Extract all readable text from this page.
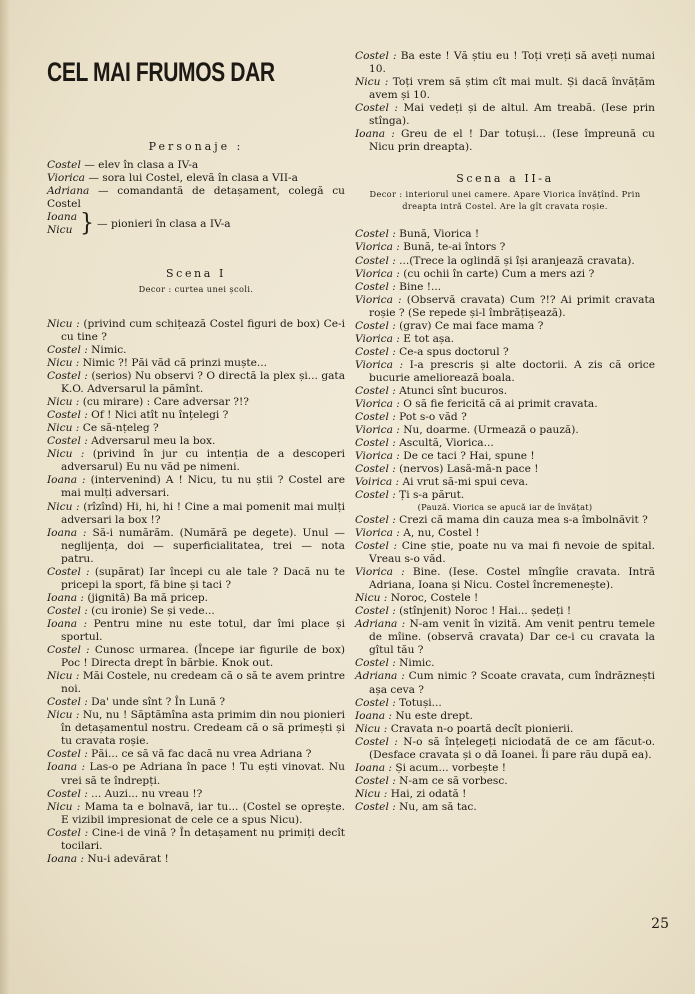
CEL MAI FRUMOS DAR
Personaje :

Costel — elev în clasa a IV-a

Viorica — sora lui Costel, elevă în clasa a VII-a

Adriana — comandantă de detașament, colegă cu Costel

Ioana
Nicu } — pionieri în clasa a IV-a
Scena I
Decor : curtea unei școli.

Nicu : (privind cum schițează Costel figuri de box) Ce-i cu tine ?

Costel : Nimic.

Nicu : Nimic ?! Păi văd că prinzi muște...

Costel : (serios) Nu observi ? O directă la plex și... gata K.O. Adversarul la pămînt.

Nicu : (cu mirare) : Care adversar ?!?

Costel : Of ! Nici atît nu înțelegi ?

Nicu : Ce să-nțeleg ?

Costel : Adversarul meu la box.

Nicu : (privind în jur cu intenția de a descoperi adversarul) Eu nu văd pe nimeni.

Ioana : (intervenind) A ! Nicu, tu nu știi ? Costel are mai mulți adversari.

Nicu : (rîzînd) Hi, hi, hi ! Cine a mai pomenit mai mulți adversari la box !?

Ioana : Să-i numărăm. (Numără pe degete). Unul — neglijența, doi — superficialitatea, trei — nota patru.

Costel : (supărat) Iar începi cu ale tale ? Dacă nu te pricepi la sport, fă bine și taci ?

Ioana : (jignită) Ba mă pricep.

Costel : (cu ironie) Se și vede...

Ioana : Pentru mine nu este totul, dar îmi place și sportul.

Costel : Cunosc urmarea. (Începe iar figurile de box) Poc ! Directa drept în bărbie. Knok out.

Nicu : Măi Costele, nu credeam că o să te avem printre noi.

Costel : Da' unde sînt ? În Lună ?

Nicu : Nu, nu ! Săptămîna asta primim din nou pionieri în detașamentul nostru. Credeam că o să primești și tu cravata roșie.

Costel : Păi... ce să vă fac dacă nu vrea Adriana ?

Ioana : Las-o pe Adriana în pace ! Tu ești vinovat. Nu vrei să te îndrepți.

Costel : ... Auzi... nu vreau !?

Nicu : Mama ta e bolnavă, iar tu... (Costel se oprește. E vizibil impresionat de cele ce a spus Nicu).

Costel : Cine-i de vină ? În detașament nu primiți decît tocilari.

Ioana : Nu-i adevărat !

Costel : Ba este ! Vă știu eu ! Toți vreți să aveți numai 10.

Nicu : Toți vrem să știm cît mai mult. Și dacă învățăm avem și 10.

Costel : Mai vedeți și de altul. Am treabă. (Iese prin stînga).

Ioana : Greu de el ! Dar totuși... (Iese împreună cu Nicu prin dreapta).

Scena a II-a
Decor : interiorul unei camere. Apare Viorica învățînd. Prin dreapta intră Costel. Are la gît cravata roșie.

Costel : Bună, Viorica !

Viorica : Bună, te-ai întors ?

Costel : ...(Trece la oglindă și își aranjează cravata).

Viorica : (cu ochii în carte) Cum a mers azi ?

Costel : Bine !...

Viorica : (Observă cravata) Cum ?!? Ai primit cravata roșie ? (Se repede și-l îmbrățișează).

Costel : (grav) Ce mai face mama ?

Viorica : E tot așa.

Costel : Ce-a spus doctorul ?

Viorica : I-a prescris și alte doctorii. A zis că orice bucurie ameliorează boala.

Costel : Atunci sînt bucuros.

Viorica : O să fie fericită că ai primit cravata.

Costel : Pot s-o văd ?

Viorica : Nu, doarme. (Urmează o pauză).

Costel : Ascultă, Viorica...

Viorica : De ce taci ? Hai, spune !

Costel : (nervos) Lasă-mă-n pace !

Voirica : Ai vrut să-mi spui ceva.

Costel : Ți s-a părut.

(Pauză. Viorica se apucă iar de învățat)

Costel : Crezi că mama din cauza mea s-a îmbolnăvit ?

Viorica : A, nu, Costel !

Costel : Cine știe, poate nu va mai fi nevoie de spital. Vreau s-o văd.

Viorica : Bine. (Iese. Costel mîngîie cravata. Intră Adriana, Ioana și Nicu. Costel încremenește).

Nicu : Noroc, Costele !

Costel : (stînjenit) Noroc ! Hai... ședeți !

Adriana : N-am venit în vizită. Am venit pentru temele de mîine. (observă cravata) Dar ce-i cu cravata la gîtul tău ?

Costel : Nimic.

Adriana : Cum nimic ? Scoate cravata, cum îndrăznești așa ceva ?

Costel : Totuși...

Ioana : Nu este drept.

Nicu : Cravata n-o poartă decît pionierii.

Costel : N-o să înțelegeți niciodată de ce am făcut-o. (Desface cravata și o dă Ioanei. Îi pare rău după ea).

Ioana : Și acum... vorbește !

Costel : N-am ce să vorbesc.

Nicu : Hai, zi odată !

Costel : Nu, am să tac.

25
